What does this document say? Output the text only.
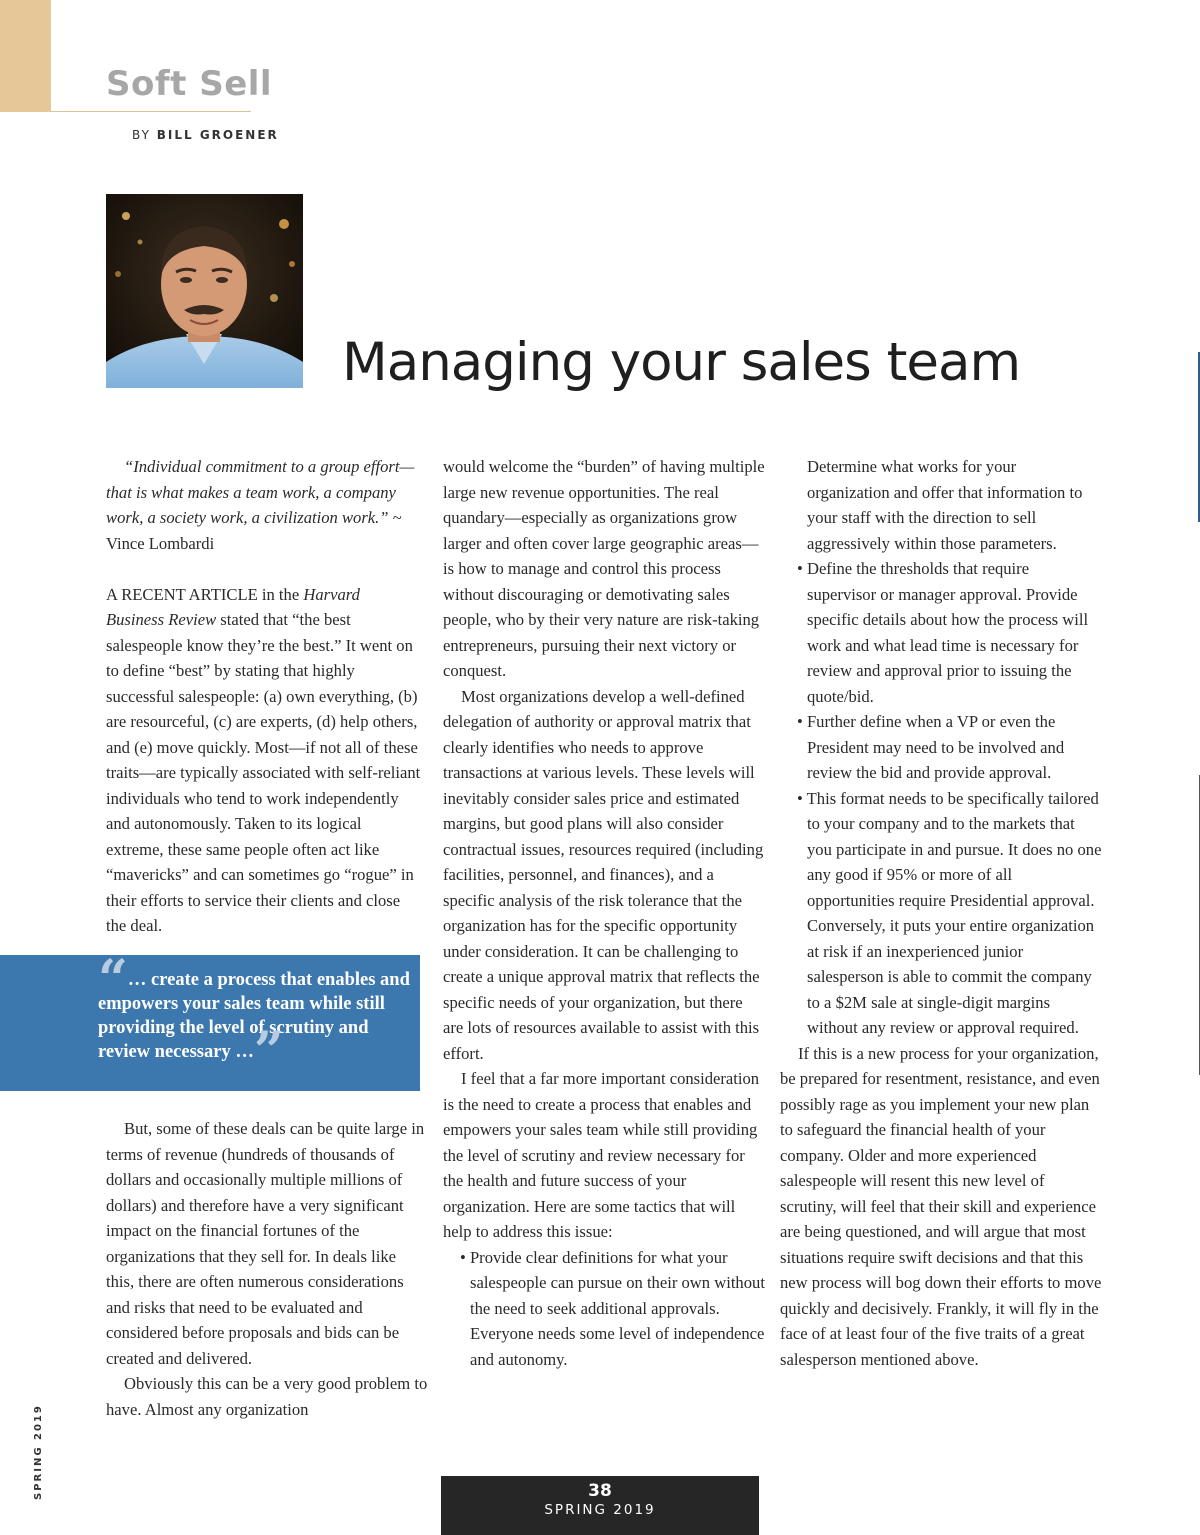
Soft Sell
BY BILL GROENER
Managing your sales team

“Individual commitment to a group effort—that is what makes a team work, a company work, a society work, a civilization work.” ~ Vince Lombardi

A RECENT ARTICLE in the Harvard Business Review stated that “the best salespeople know they’re the best.” It went on to define “best” by stating that highly successful salespeople: (a) own everything, (b) are resourceful, (c) are experts, (d) help others, and (e) move quickly. Most—if not all of these traits—are typically associated with self-reliant individuals who tend to work independently and autonomously. Taken to its logical extreme, these same people often act like “mavericks” and can sometimes go “rogue” in their efforts to service their clients and close the deal.

“… create a process that enables and empowers your sales team while still providing the level of scrutiny and review necessary …”

But, some of these deals can be quite large in terms of revenue (hundreds of thousands of dollars and occasionally multiple millions of dollars) and therefore have a very significant impact on the financial fortunes of the organizations that they sell for. In deals like this, there are often numerous considerations and risks that need to be evaluated and considered before proposals and bids can be created and delivered.

Obviously this can be a very good problem to have. Almost any organization

would welcome the “burden” of having multiple large new revenue opportunities. The real quandary—especially as organizations grow larger and often cover large geographic areas—is how to manage and control this process without discouraging or demotivating sales people, who by their very nature are risk-taking entrepreneurs, pursuing their next victory or conquest.

Most organizations develop a well-defined delegation of authority or approval matrix that clearly identifies who needs to approve transactions at various levels. These levels will inevitably consider sales price and estimated margins, but good plans will also consider contractual issues, resources required (including facilities, personnel, and finances), and a specific analysis of the risk tolerance that the organization has for the specific opportunity under consideration. It can be challenging to create a unique approval matrix that reflects the specific needs of your organization, but there are lots of resources available to assist with this effort.

I feel that a far more important consideration is the need to create a process that enables and empowers your sales team while still providing the level of scrutiny and review necessary for the health and future success of your organization. Here are some tactics that will help to address this issue:

• Provide clear definitions for what your salespeople can pursue on their own without the need to seek additional approvals. Everyone needs some level of independence and autonomy.
Determine what works for your organization and offer that information to your staff with the direction to sell aggressively within those parameters.
• Define the thresholds that require supervisor or manager approval. Provide specific details about how the process will work and what lead time is necessary for review and approval prior to issuing the quote/bid.
• Further define when a VP or even the President may need to be involved and review the bid and provide approval.
• This format needs to be specifically tailored to your company and to the markets that you participate in and pursue. It does no one any good if 95% or more of all opportunities require Presidential approval. Conversely, it puts your entire organization at risk if an inexperienced junior salesperson is able to commit the company to a $2M sale at single-digit margins without any review or approval required.

If this is a new process for your organization, be prepared for resentment, resistance, and even possibly rage as you implement your new plan to safeguard the financial health of your company. Older and more experienced salespeople will resent this new level of scrutiny, will feel that their skill and experience are being questioned, and will argue that most situations require swift decisions and that this new process will bog down their efforts to move quickly and decisively. Frankly, it will fly in the face of at least four of the five traits of a great salesperson mentioned above.

SPRING 2019	38
SPRING 2019
